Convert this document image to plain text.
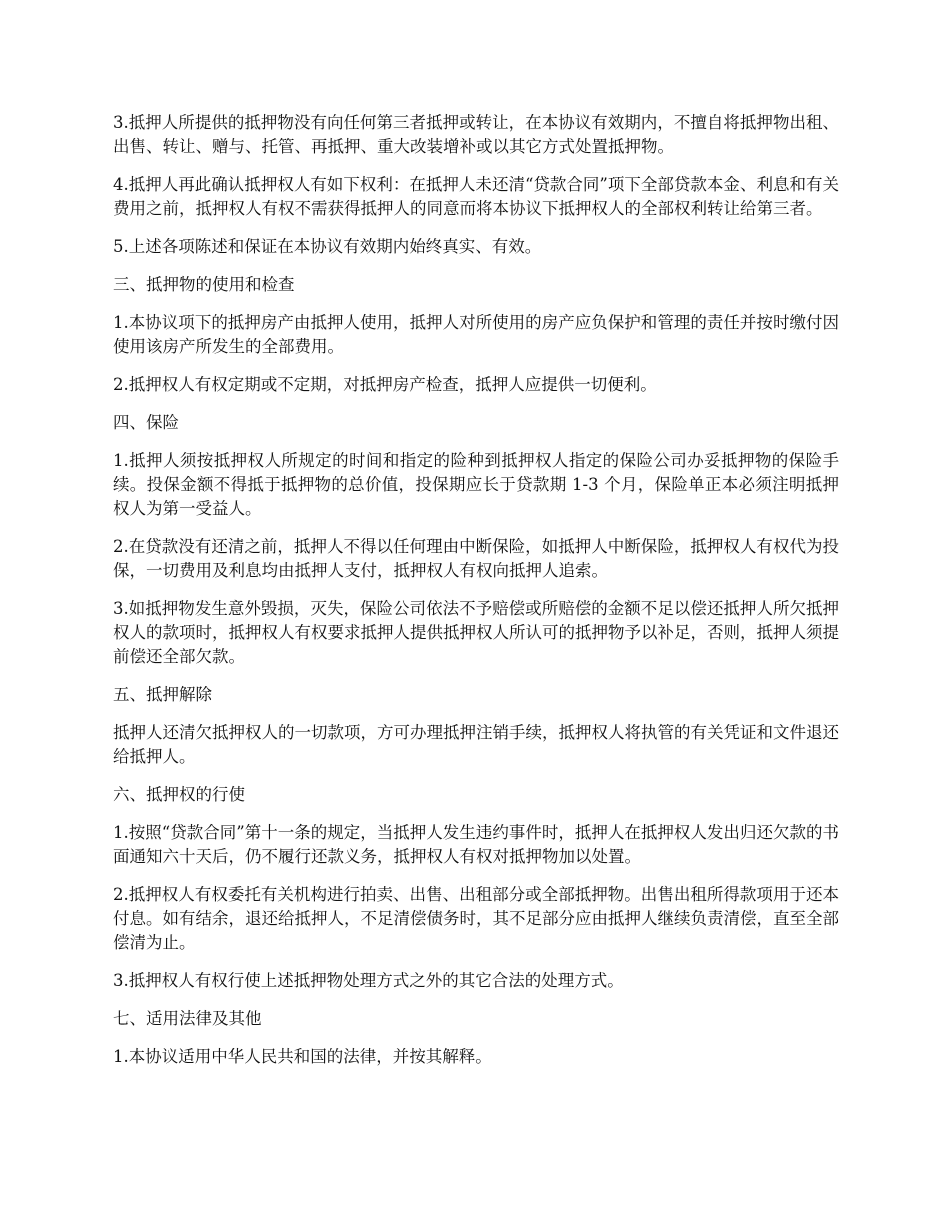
3.抵押人所提供的抵押物没有向任何第三者抵押或转让，在本协议有效期内，不擅自将抵押物出租、出售、转让、赠与、托管、再抵押、重大改装增补或以其它方式处置抵押物。

4.抵押人再此确认抵押权人有如下权利：在抵押人未还清“贷款合同”项下全部贷款本金、利息和有关费用之前，抵押权人有权不需获得抵押人的同意而将本协议下抵押权人的全部权利转让给第三者。

5.上述各项陈述和保证在本协议有效期内始终真实、有效。

三、抵押物的使用和检查

1.本协议项下的抵押房产由抵押人使用，抵押人对所使用的房产应负保护和管理的责任并按时缴付因使用该房产所发生的全部费用。

2.抵押权人有权定期或不定期，对抵押房产检查，抵押人应提供一切便利。

四、保险

1.抵押人须按抵押权人所规定的时间和指定的险种到抵押权人指定的保险公司办妥抵押物的保险手续。投保金额不得抵于抵押物的总价值，投保期应长于贷款期 1-3 个月，保险单正本必须注明抵押权人为第一受益人。

2.在贷款没有还清之前，抵押人不得以任何理由中断保险，如抵押人中断保险，抵押权人有权代为投保，一切费用及利息均由抵押人支付，抵押权人有权向抵押人追索。

3.如抵押物发生意外毁损，灭失，保险公司依法不予赔偿或所赔偿的金额不足以偿还抵押人所欠抵押权人的款项时，抵押权人有权要求抵押人提供抵押权人所认可的抵押物予以补足，否则，抵押人须提前偿还全部欠款。

五、抵押解除

抵押人还清欠抵押权人的一切款项，方可办理抵押注销手续，抵押权人将执管的有关凭证和文件退还给抵押人。

六、抵押权的行使

1.按照“贷款合同”第十一条的规定，当抵押人发生违约事件时，抵押人在抵押权人发出归还欠款的书面通知六十天后，仍不履行还款义务，抵押权人有权对抵押物加以处置。

2.抵押权人有权委托有关机构进行拍卖、出售、出租部分或全部抵押物。出售出租所得款项用于还本付息。如有结余，退还给抵押人，不足清偿债务时，其不足部分应由抵押人继续负责清偿，直至全部偿清为止。

3.抵押权人有权行使上述抵押物处理方式之外的其它合法的处理方式。

七、适用法律及其他

1.本协议适用中华人民共和国的法律，并按其解释。
